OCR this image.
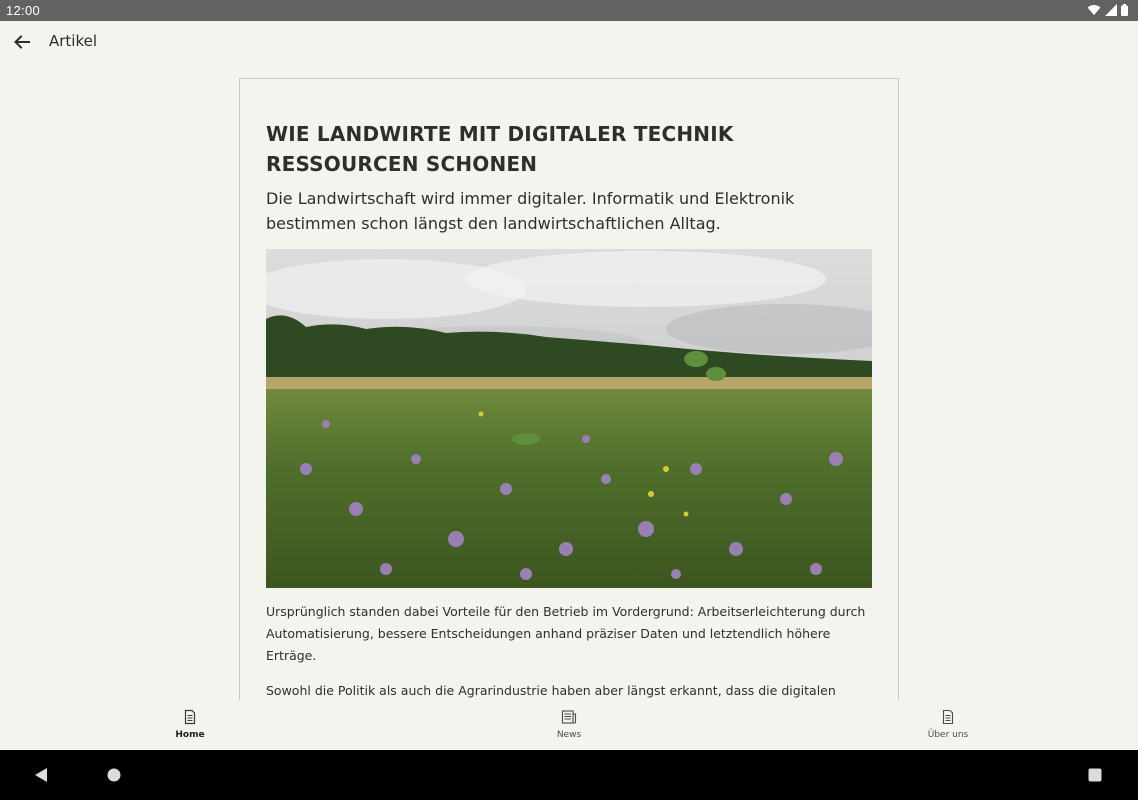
12:00
Artikel
WIE LANDWIRTE MIT DIGITALER TECHNIK RESSOURCEN SCHONEN

Die Landwirtschaft wird immer digitaler. Informatik und Elektronik bestimmen schon längst den landwirtschaftlichen Alltag.

Ursprünglich standen dabei Vorteile für den Betrieb im Vordergrund: Arbeitserleichterung durch Automatisierung, bessere Entscheidungen anhand präziser Daten und letztendlich höhere Erträge.

Sowohl die Politik als auch die Agrarindustrie haben aber längst erkannt, dass die digitalen

Home	News	Über uns
